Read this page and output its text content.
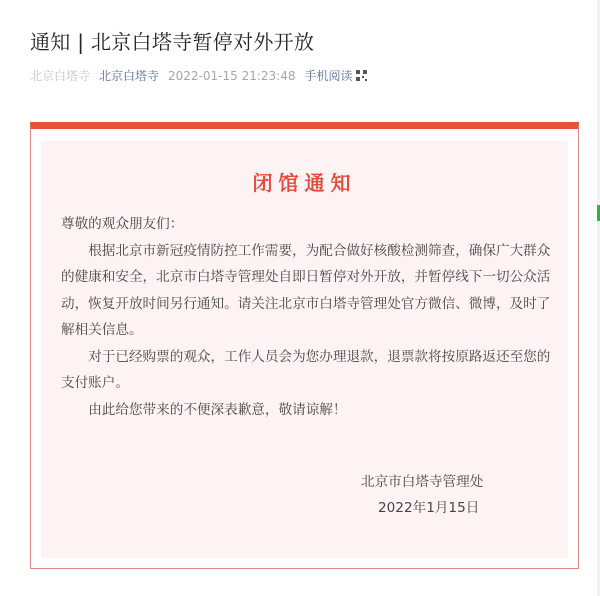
通知 | 北京白塔寺暂停对外开放
北京白塔寺 北京白塔寺 2022-01-15 21:23:48 手机阅读
闭馆通知

尊敬的观众朋友们：

根据北京市新冠疫情防控工作需要，为配合做好核酸检测筛查，确保广大群众的健康和安全，北京市白塔寺管理处自即日暂停对外开放，并暂停线下一切公众活动，恢复开放时间另行通知。请关注北京市白塔寺管理处官方微信、微博，及时了解相关信息。

对于已经购票的观众，工作人员会为您办理退款，退票款将按原路返还至您的支付账户。

由此给您带来的不便深表歉意，敬请谅解！

北京市白塔寺管理处
2022年1月15日
